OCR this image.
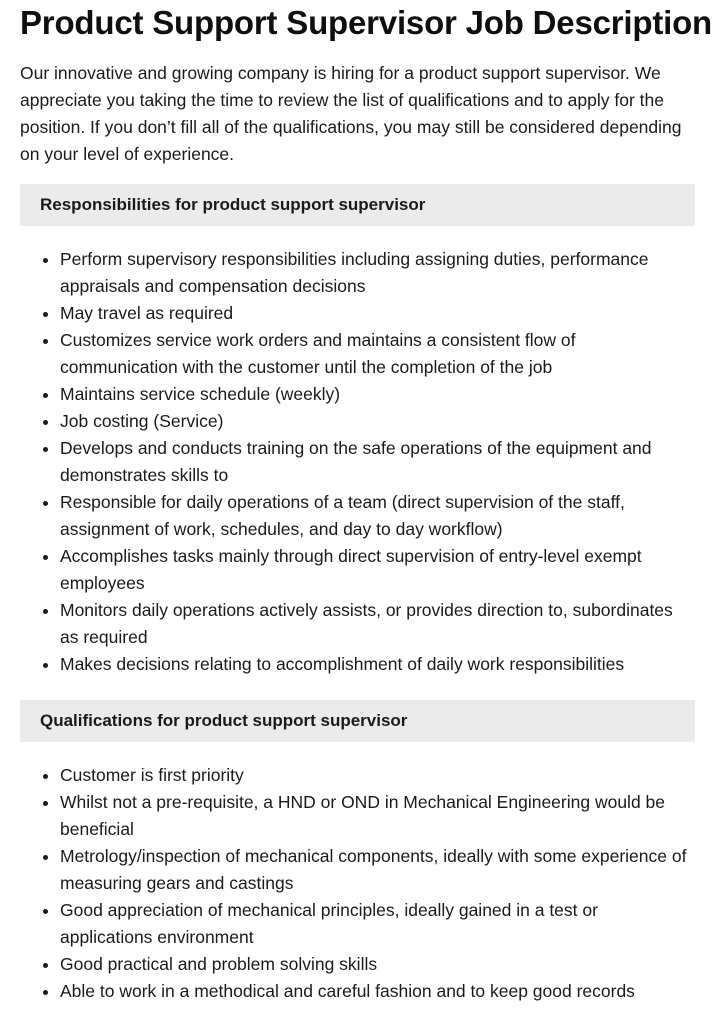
Product Support Supervisor Job Description

Our innovative and growing company is hiring for a product support supervisor. We appreciate you taking the time to review the list of qualifications and to apply for the position. If you don’t fill all of the qualifications, you may still be considered depending on your level of experience.

Responsibilities for product support supervisor
• Perform supervisory responsibilities including assigning duties, performance appraisals and compensation decisions
• May travel as required
• Customizes service work orders and maintains a consistent flow of communication with the customer until the completion of the job
• Maintains service schedule (weekly)
• Job costing (Service)
• Develops and conducts training on the safe operations of the equipment and demonstrates skills to
• Responsible for daily operations of a team (direct supervision of the staff, assignment of work, schedules, and day to day workflow)
• Accomplishes tasks mainly through direct supervision of entry-level exempt employees
• Monitors daily operations actively assists, or provides direction to, subordinates as required
• Makes decisions relating to accomplishment of daily work responsibilities
Qualifications for product support supervisor
• Customer is first priority
• Whilst not a pre-requisite, a HND or OND in Mechanical Engineering would be beneficial
• Metrology/inspection of mechanical components, ideally with some experience of measuring gears and castings
• Good appreciation of mechanical principles, ideally gained in a test or applications environment
• Good practical and problem solving skills
• Able to work in a methodical and careful fashion and to keep good records
